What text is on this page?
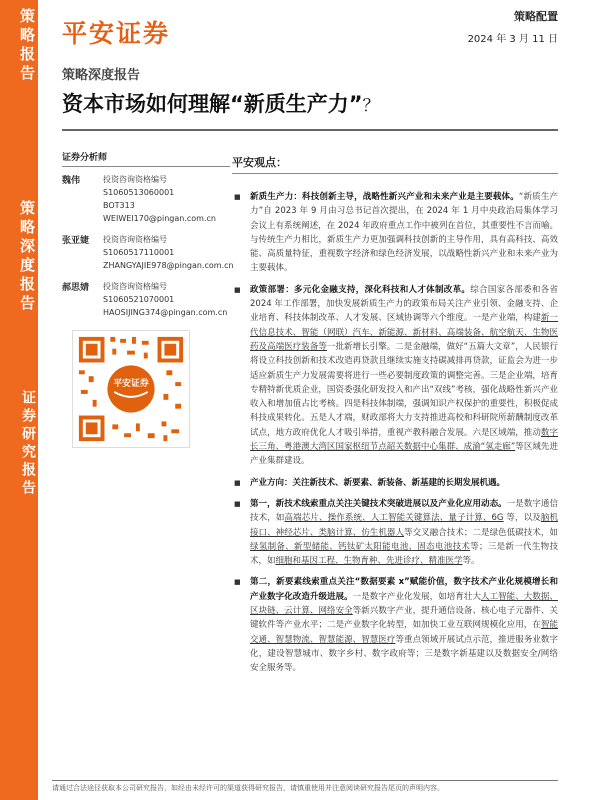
策略报告
策略深度报告
证券研究报告
平安证券
策略配置
2024 年 3 月 11 日
策略深度报告
资本市场如何理解“新质生产力”？
证券分析师
魏伟	投资咨询资格编号
S1060513060001
BOT313
WEIWEI170@pingan.com.cn
张亚婕	投资咨询资格编号
S1060517110001
ZHANGYAJIE978@pingan.com.cn
郝思婧	投资咨询资格编号
S1060521070001
HAOSIJING374@pingan.com.cn
平安证券
平安观点：
■ 新质生产力：科技创新主导，战略性新兴产业和未来产业是主要载体。“新质生产力”自 2023 年 9 月由习总书记首次提出，在 2024 年 1 月中央政治局集体学习会议上有系统阐述，在 2024 年政府重点工作中被列在首位，其重要性不言而喻。与传统生产力相比，新质生产力更加强调科技创新的主导作用，具有高科技、高效能、高质量特征，重视数字经济和绿色经济发展，以战略性新兴产业和未来产业为主要载体。
■ 政策部署：多元化金融支持，深化科技和人才体制改革。综合国家各部委和各省 2024 年工作部署，加快发展新质生产力的政策布局关注产业引领、金融支持、企业培育、科技体制改革、人才发展、区域协调等六个维度。一是产业端，构建新一代信息技术、智能（网联）汽车、新能源、新材料、高端装备、航空航天、生物医药及高端医疗装备等一批新增长引擎。二是金融端，做好“五篇大文章”，人民银行将设立科技创新和技术改造再贷款且继续实施支持碳减排再贷款，证监会为进一步适应新质生产力发展需要将进行一些必要制度政策的调整完善。三是企业端，培育专精特新优质企业，国资委强化研发投入和产出“双线”考核，强化战略性新兴产业收入和增加值占比考核。四是科技体制端，强调知识产权保护的重要性，积极促成科技成果转化。五是人才端，财政部将大力支持推进高校和科研院所薪酬制度改革试点，地方政府优化人才吸引举措，重视产教科融合发展。六是区域端，推动数字长三角、粤港澳大湾区国家枢纽节点韶关数据中心集群、成渝“氢走廊”等区域先进产业集群建设。
■ 产业方向：关注新技术、新要素、新装备、新基建的长期发展机遇。
■ 第一，新技术线索重点关注关键技术突破进展以及产业化应用动态。一是数字通信技术，如高端芯片、操作系统、人工智能关键算法、量子计算、6G 等，以及脑机接口、神经芯片、类脑计算、仿生机器人等交叉融合技术；二是绿色低碳技术，如绿氢制备、新型储能、钙钛矿太阳能电池、固态电池技术等；三是新一代生物技术，如细胞和基因工程、生物育种、先进诊疗、精准医学等。
■ 第二，新要素线索重点关注“数据要素 x”赋能价值，数字技术产业化规模增长和产业数字化改造升级进展。一是数字产业化发展，如培育壮大人工智能、大数据、区块链、云计算、网络安全等新兴数字产业，提升通信设备、核心电子元器件、关键软件等产业水平；二是产业数字化转型，如加快工业互联网规模化应用，在智能交通、智慧物流、智慧能源、智慧医疗等重点领域开展试点示范，推进服务业数字化，建设智慧城市、数字乡村、数字政府等；三是数字新基建以及数据安全/网络安全服务等。
请通过合法途径获取本公司研究报告，如经由未经许可的渠道获得研究报告，请慎重使用并注意阅读研究报告尾页的声明内容。
